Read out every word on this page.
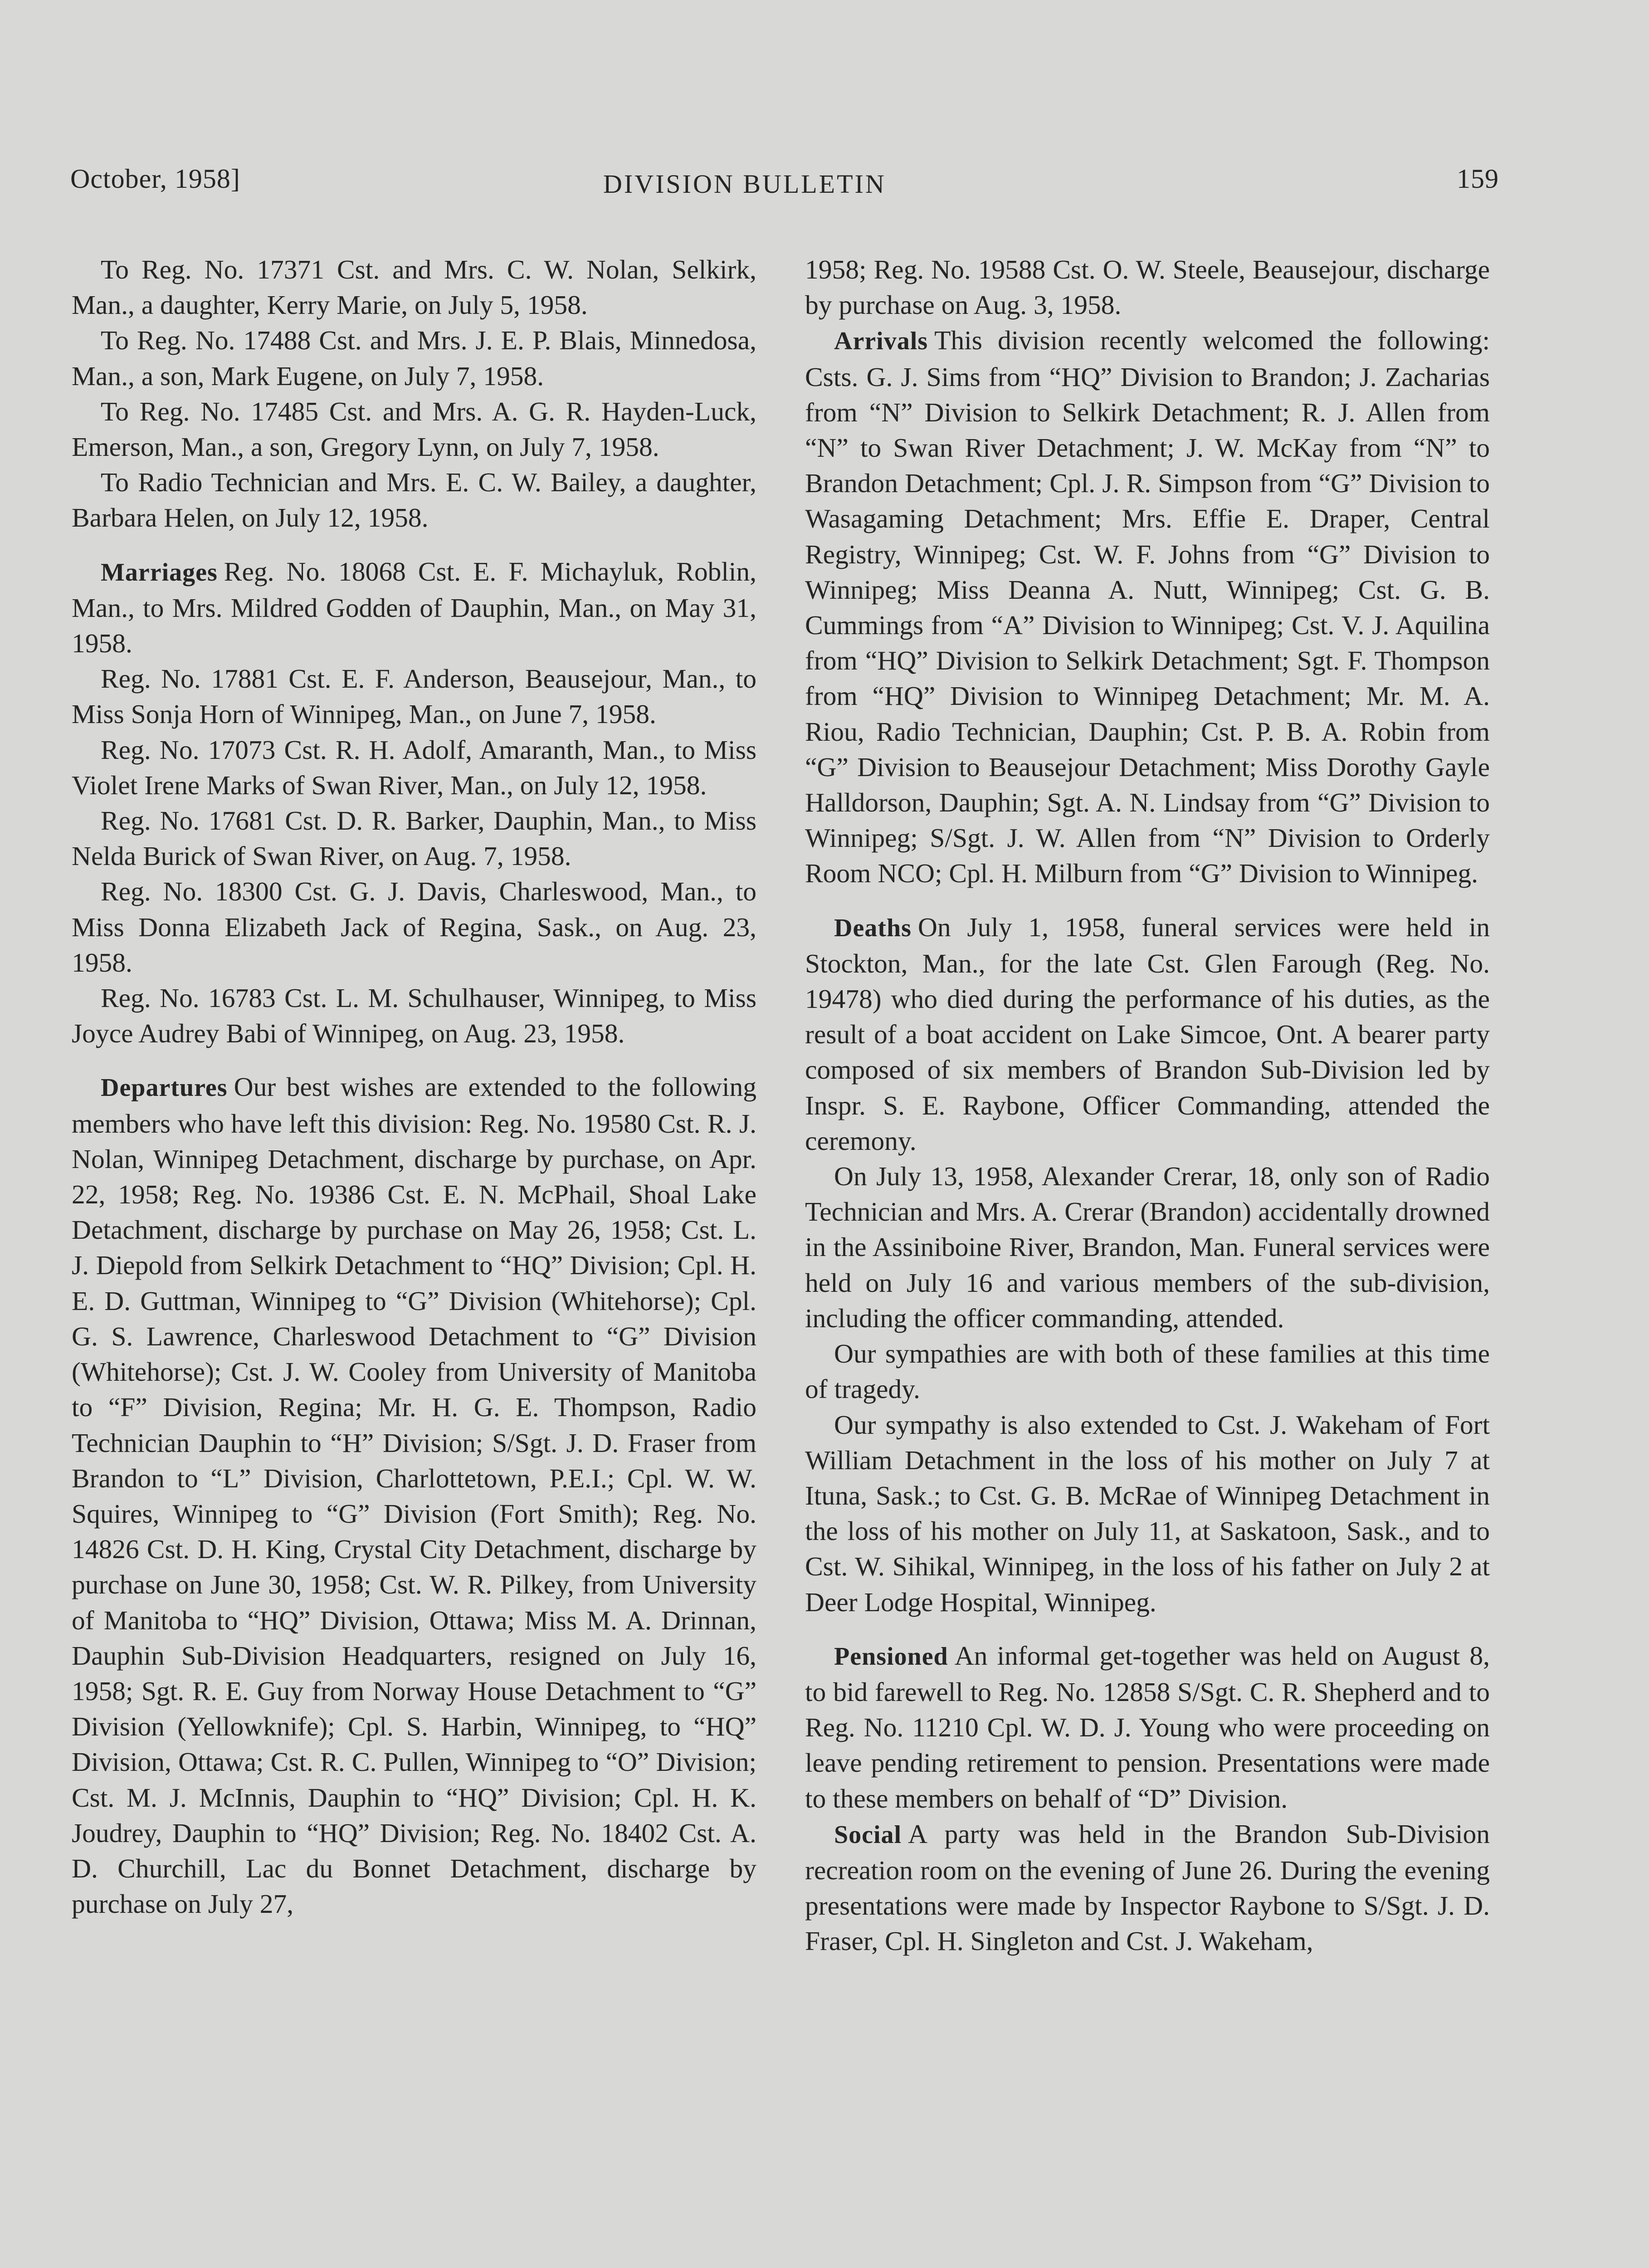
October, 1958]	DIVISION BULLETIN	159

To Reg. No. 17371 Cst. and Mrs. C. W. Nolan, Selkirk, Man., a daughter, Kerry Marie, on July 5, 1958.

To Reg. No. 17488 Cst. and Mrs. J. E. P. Blais, Minnedosa, Man., a son, Mark Eugene, on July 7, 1958.

To Reg. No. 17485 Cst. and Mrs. A. G. R. Hayden-Luck, Emerson, Man., a son, Gregory Lynn, on July 7, 1958.

To Radio Technician and Mrs. E. C. W. Bailey, a daughter, Barbara Helen, on July 12, 1958.

Marriages Reg. No. 18068 Cst. E. F. Michayluk, Roblin, Man., to Mrs. Mildred Godden of Dauphin, Man., on May 31, 1958.

Reg. No. 17881 Cst. E. F. Anderson, Beausejour, Man., to Miss Sonja Horn of Winnipeg, Man., on June 7, 1958.

Reg. No. 17073 Cst. R. H. Adolf, Amaranth, Man., to Miss Violet Irene Marks of Swan River, Man., on July 12, 1958.

Reg. No. 17681 Cst. D. R. Barker, Dauphin, Man., to Miss Nelda Burick of Swan River, on Aug. 7, 1958.

Reg. No. 18300 Cst. G. J. Davis, Charleswood, Man., to Miss Donna Elizabeth Jack of Regina, Sask., on Aug. 23, 1958.

Reg. No. 16783 Cst. L. M. Schulhauser, Winnipeg, to Miss Joyce Audrey Babi of Winnipeg, on Aug. 23, 1958.

Departures Our best wishes are extended to the following members who have left this division: Reg. No. 19580 Cst. R. J. Nolan, Winnipeg Detachment, discharge by purchase, on Apr. 22, 1958; Reg. No. 19386 Cst. E. N. McPhail, Shoal Lake Detachment, discharge by purchase on May 26, 1958; Cst. L. J. Diepold from Selkirk Detachment to “HQ” Division; Cpl. H. E. D. Guttman, Winnipeg to “G” Division (Whitehorse); Cpl. G. S. Lawrence, Charleswood Detachment to “G” Division (Whitehorse); Cst. J. W. Cooley from University of Manitoba to “F” Division, Regina; Mr. H. G. E. Thompson, Radio Technician Dauphin to “H” Division; S/Sgt. J. D. Fraser from Brandon to “L” Division, Charlottetown, P.E.I.; Cpl. W. W. Squires, Winnipeg to “G” Division (Fort Smith); Reg. No. 14826 Cst. D. H. King, Crystal City Detachment, discharge by purchase on June 30, 1958; Cst. W. R. Pilkey, from University of Manitoba to “HQ” Division, Ottawa; Miss M. A. Drinnan, Dauphin Sub-Division Headquarters, resigned on July 16, 1958; Sgt. R. E. Guy from Norway House Detachment to “G” Division (Yellowknife); Cpl. S. Harbin, Winnipeg, to “HQ” Division, Ottawa; Cst. R. C. Pullen, Winnipeg to “O” Division; Cst. M. J. McInnis, Dauphin to “HQ” Division; Cpl. H. K. Joudrey, Dauphin to “HQ” Division; Reg. No. 18402 Cst. A. D. Churchill, Lac du Bonnet Detachment, discharge by purchase on July 27,

1958; Reg. No. 19588 Cst. O. W. Steele, Beausejour, discharge by purchase on Aug. 3, 1958.

Arrivals This division recently welcomed the following: Csts. G. J. Sims from “HQ” Division to Brandon; J. Zacharias from “N” Division to Selkirk Detachment; R. J. Allen from “N” to Swan River Detachment; J. W. McKay from “N” to Brandon Detachment; Cpl. J. R. Simpson from “G” Division to Wasagaming Detachment; Mrs. Effie E. Draper, Central Registry, Winnipeg; Cst. W. F. Johns from “G” Division to Winnipeg; Miss Deanna A. Nutt, Winnipeg; Cst. G. B. Cummings from “A” Division to Winnipeg; Cst. V. J. Aquilina from “HQ” Division to Selkirk Detachment; Sgt. F. Thompson from “HQ” Division to Winnipeg Detachment; Mr. M. A. Riou, Radio Technician, Dauphin; Cst. P. B. A. Robin from “G” Division to Beausejour Detachment; Miss Dorothy Gayle Halldorson, Dauphin; Sgt. A. N. Lindsay from “G” Division to Winnipeg; S/Sgt. J. W. Allen from “N” Division to Orderly Room NCO; Cpl. H. Milburn from “G” Division to Winnipeg.

Deaths On July 1, 1958, funeral services were held in Stockton, Man., for the late Cst. Glen Farough (Reg. No. 19478) who died during the performance of his duties, as the result of a boat accident on Lake Simcoe, Ont. A bearer party composed of six members of Brandon Sub-Division led by Inspr. S. E. Raybone, Officer Commanding, attended the ceremony.

On July 13, 1958, Alexander Crerar, 18, only son of Radio Technician and Mrs. A. Crerar (Brandon) accidentally drowned in the Assiniboine River, Brandon, Man. Funeral services were held on July 16 and various members of the sub-division, including the officer commanding, attended.

Our sympathies are with both of these families at this time of tragedy.

Our sympathy is also extended to Cst. J. Wakeham of Fort William Detachment in the loss of his mother on July 7 at Ituna, Sask.; to Cst. G. B. McRae of Winnipeg Detachment in the loss of his mother on July 11, at Saskatoon, Sask., and to Cst. W. Sihikal, Winnipeg, in the loss of his father on July 2 at Deer Lodge Hospital, Winnipeg.

Pensioned An informal get-together was held on August 8, to bid farewell to Reg. No. 12858 S/Sgt. C. R. Shepherd and to Reg. No. 11210 Cpl. W. D. J. Young who were proceeding on leave pending retirement to pension. Presentations were made to these members on behalf of “D” Division.

Social A party was held in the Brandon Sub-Division recreation room on the evening of June 26. During the evening presentations were made by Inspector Raybone to S/Sgt. J. D. Fraser, Cpl. H. Singleton and Cst. J. Wakeham,
